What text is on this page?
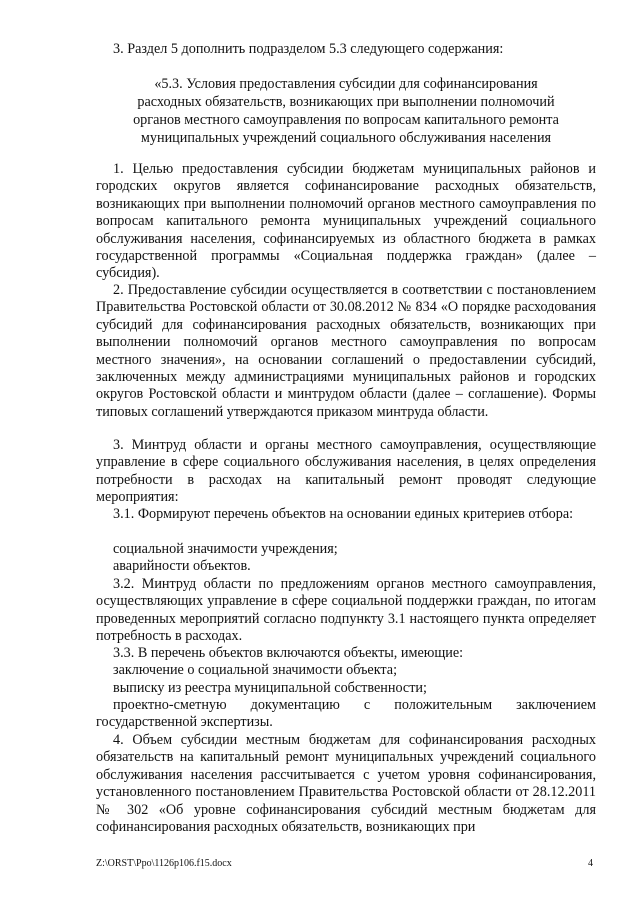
3. Раздел 5 дополнить подразделом 5.3 следующего содержания:
«5.3. Условия предоставления субсидии для софинансирования
расходных обязательств, возникающих при выполнении полномочий
органов местного самоуправления по вопросам капитального ремонта
муниципальных учреждений социального обслуживания населения

1. Целью предоставления субсидии бюджетам муниципальных районов и городских округов является софинансирование расходных обязательств, возникающих при выполнении полномочий органов местного самоуправления по вопросам капитального ремонта муниципальных учреждений социального обслуживания населения, софинансируемых из областного бюджета в рамках государственной программы «Социальная поддержка граждан» (далее – субсидия).

2. Предоставление субсидии осуществляется в соответствии с постановлением Правительства Ростовской области от 30.08.2012 № 834 «О порядке расходования субсидий для софинансирования расходных обязательств, возникающих при выполнении полномочий органов местного самоуправления по вопросам местного значения», на основании соглашений о предоставлении субсидий, заключенных между администрациями муниципальных районов и городских округов Ростовской области и минтрудом области (далее – соглашение). Формы типовых соглашений утверждаются приказом минтруда области.

3. Минтруд области и органы местного самоуправления, осуществляющие управление в сфере социального обслуживания населения, в целях определения потребности в расходах на капитальный ремонт проводят следующие мероприятия:

3.1. Формируют перечень объектов на основании единых критериев отбора:

социальной значимости учреждения;

аварийности объектов.

3.2. Минтруд области по предложениям органов местного самоуправления, осуществляющих управление в сфере социальной поддержки граждан, по итогам проведенных мероприятий согласно подпункту 3.1 настоящего пункта определяет потребность в расходах.

3.3. В перечень объектов включаются объекты, имеющие:

заключение о социальной значимости объекта;

выписку из реестра муниципальной собственности;

проектно-сметную документацию с положительным заключением государственной экспертизы.

4. Объем субсидии местным бюджетам для софинансирования расходных обязательств на капитальный ремонт муниципальных учреждений социального обслуживания населения рассчитывается с учетом уровня софинансирования, установленного постановлением Правительства Ростовской области от 28.12.2011 № 302 «Об уровне софинансирования субсидий местным бюджетам для софинансирования расходных обязательств, возникающих при

Z:\ORST\Ppo\1126p106.f15.docx	4
